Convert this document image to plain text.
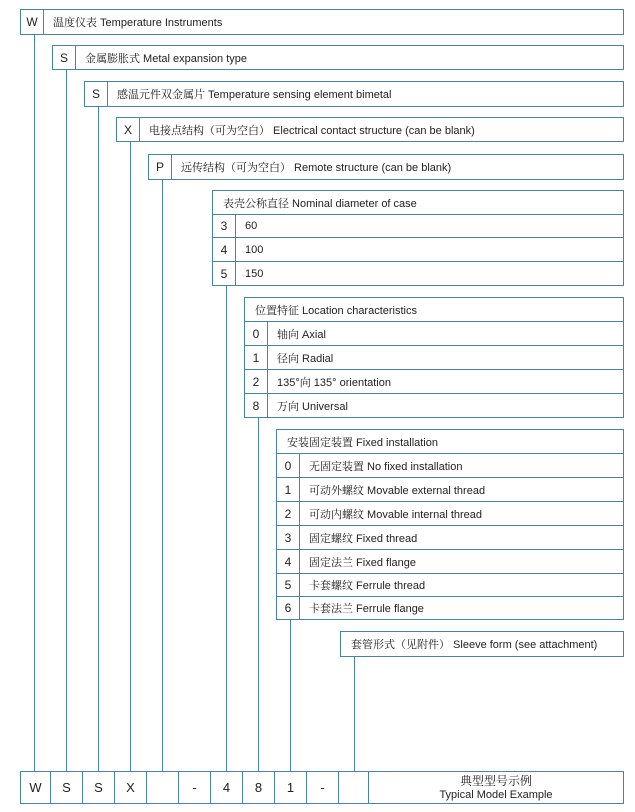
W	温度仪表 Temperature Instruments
S	金属膨胀式 Metal expansion type
S	感温元件双金属片 Temperature sensing element bimetal
X	电接点结构（可为空白） Electrical contact structure (can be blank)
P	远传结构（可为空白） Remote structure (can be blank)
表壳公称直径 Nominal diameter of case
3	60
4	100
5	150
位置特征 Location characteristics
0	轴向 Axial
1	径向 Radial
2	135°向 135° orientation
8	万向 Universal
安装固定装置 Fixed installation
0	无固定装置 No fixed installation
1	可动外螺纹 Movable external thread
2	可动内螺纹 Movable internal thread
3	固定螺纹 Fixed thread
4	固定法兰 Fixed flange
5	卡套螺纹 Ferrule thread
6	卡套法兰 Ferrule flange
套管形式（见附件） Sleeve form (see attachment)
W	S	S	X	-	4	8	1	-	典型型号示例
Typical Model Example
